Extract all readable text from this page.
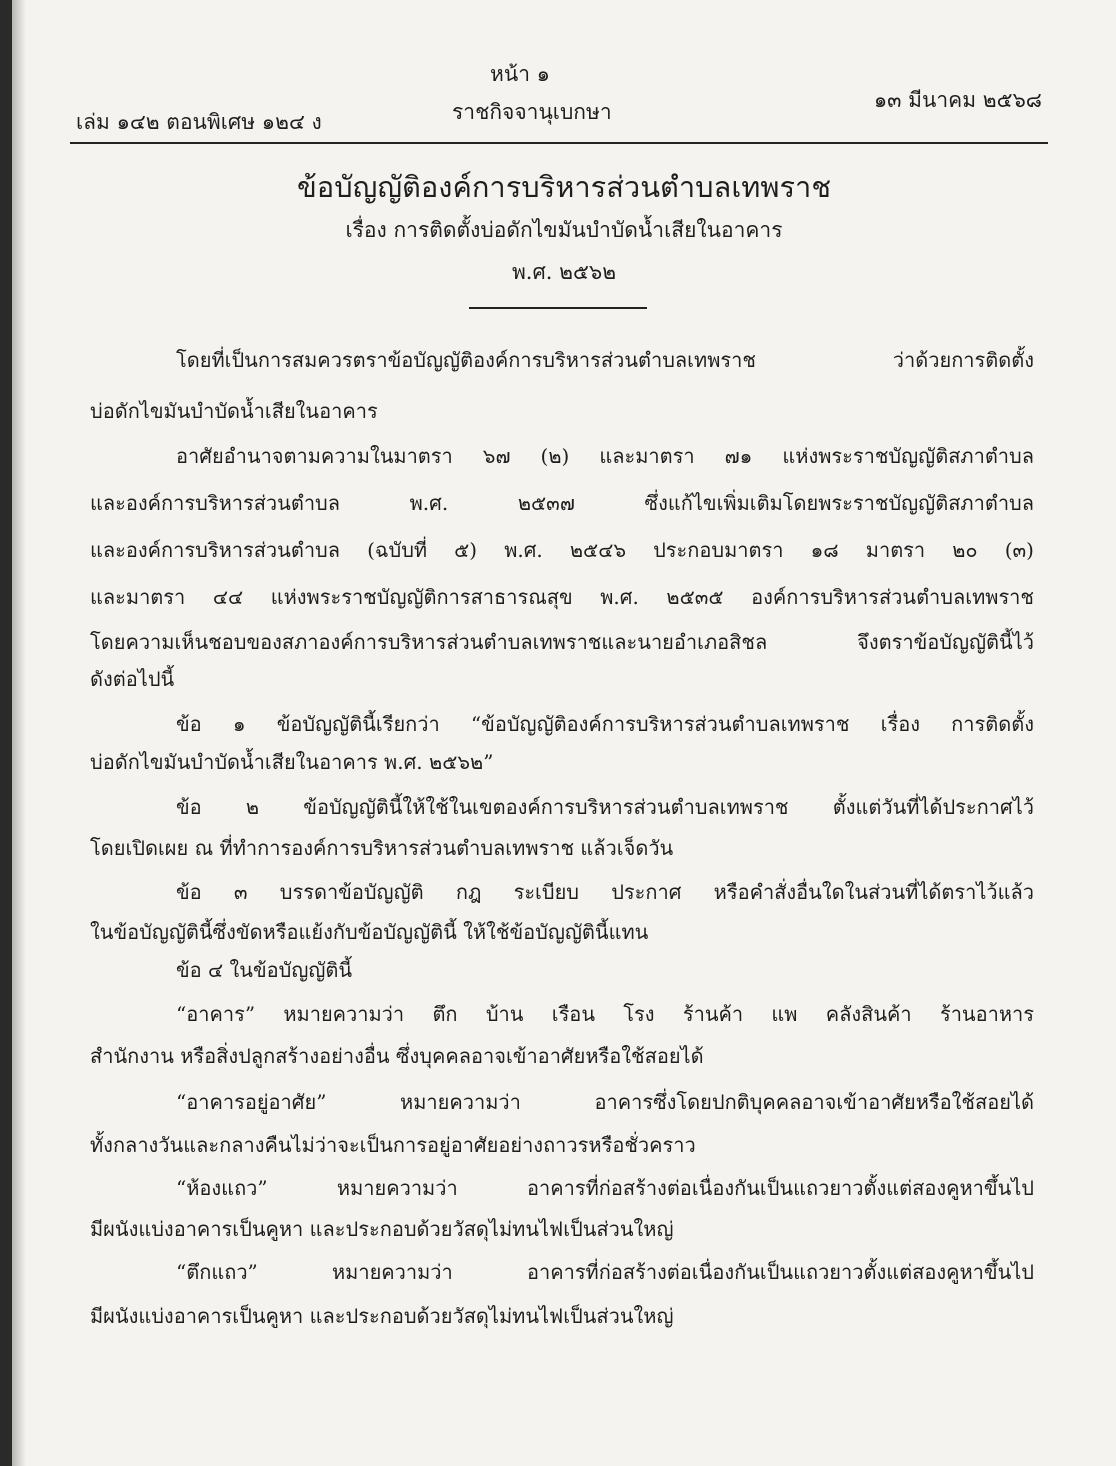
หน้า ๑
เล่ม ๑๔๒ ตอนพิเศษ ๑๒๔ ง	ราชกิจจานุเบกษา	๑๓ มีนาคม ๒๕๖๘
ข้อบัญญัติองค์การบริหารส่วนตำบลเทพราช
เรื่อง การติดตั้งบ่อดักไขมันบำบัดน้ำเสียในอาคาร
พ.ศ. ๒๕๖๒
โดยที่เป็นการสมควรตราข้อบัญญัติองค์การบริหารส่วนตำบลเทพราช ว่าด้วยการติดตั้ง
บ่อดักไขมันบำบัดน้ำเสียในอาคาร
อาศัยอำนาจตามความในมาตรา ๖๗ (๒) และมาตรา ๗๑ แห่งพระราชบัญญัติสภาตำบล
และองค์การบริหารส่วนตำบล พ.ศ. ๒๕๓๗ ซึ่งแก้ไขเพิ่มเติมโดยพระราชบัญญัติสภาตำบล
และองค์การบริหารส่วนตำบล (ฉบับที่ ๕) พ.ศ. ๒๕๔๖ ประกอบมาตรา ๑๘ มาตรา ๒๐ (๓)
และมาตรา ๔๔ แห่งพระราชบัญญัติการสาธารณสุข พ.ศ. ๒๕๓๕ องค์การบริหารส่วนตำบลเทพราช
โดยความเห็นชอบของสภาองค์การบริหารส่วนตำบลเทพราชและนายอำเภอสิชล จึงตราข้อบัญญัตินี้ไว้
ดังต่อไปนี้
ข้อ ๑ ข้อบัญญัตินี้เรียกว่า “ข้อบัญญัติองค์การบริหารส่วนตำบลเทพราช เรื่อง การติดตั้ง
บ่อดักไขมันบำบัดน้ำเสียในอาคาร พ.ศ. ๒๕๖๒”
ข้อ ๒ ข้อบัญญัตินี้ให้ใช้ในเขตองค์การบริหารส่วนตำบลเทพราช ตั้งแต่วันที่ได้ประกาศไว้
โดยเปิดเผย ณ ที่ทำการองค์การบริหารส่วนตำบลเทพราช แล้วเจ็ดวัน
ข้อ ๓ บรรดาข้อบัญญัติ กฎ ระเบียบ ประกาศ หรือคำสั่งอื่นใดในส่วนที่ได้ตราไว้แล้ว
ในข้อบัญญัตินี้ซึ่งขัดหรือแย้งกับข้อบัญญัตินี้ ให้ใช้ข้อบัญญัตินี้แทน
ข้อ ๔ ในข้อบัญญัตินี้
“อาคาร” หมายความว่า ตึก บ้าน เรือน โรง ร้านค้า แพ คลังสินค้า ร้านอาหาร
สำนักงาน หรือสิ่งปลูกสร้างอย่างอื่น ซึ่งบุคคลอาจเข้าอาศัยหรือใช้สอยได้
“อาคารอยู่อาศัย” หมายความว่า อาคารซึ่งโดยปกติบุคคลอาจเข้าอาศัยหรือใช้สอยได้
ทั้งกลางวันและกลางคืนไม่ว่าจะเป็นการอยู่อาศัยอย่างถาวรหรือชั่วคราว
“ห้องแถว” หมายความว่า อาคารที่ก่อสร้างต่อเนื่องกันเป็นแถวยาวตั้งแต่สองคูหาขึ้นไป
มีผนังแบ่งอาคารเป็นคูหา และประกอบด้วยวัสดุไม่ทนไฟเป็นส่วนใหญ่
“ตึกแถว” หมายความว่า อาคารที่ก่อสร้างต่อเนื่องกันเป็นแถวยาวตั้งแต่สองคูหาขึ้นไป
มีผนังแบ่งอาคารเป็นคูหา และประกอบด้วยวัสดุไม่ทนไฟเป็นส่วนใหญ่
